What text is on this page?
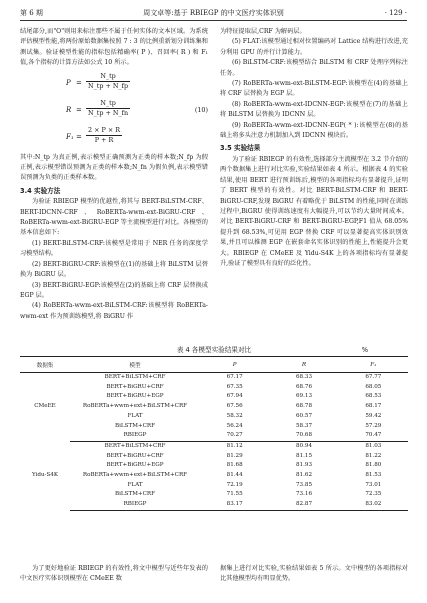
第 6 期	周文卓等:基于 RBIEGP 的中文医疗实体识别	· 129 ·

结尾部分,而"O"则用来标注那些不属于任何实体的文本区域。为系统评估模型性能,将两份原始数据集按照 7 : 3 的比例重新划分训练集和测试集。验证模型性能的指标包括精确率( P )、召回率( R ) 和 F₁ 值,各个指标的计算方法如公式 10 所示。

$P = \frac{N\_tp}{N\_tp + N\_fp}$
$R = \frac{N\_tp}{N\_tp + N\_fn}$	(10)
$F_1 = \frac{2 \times P \times R}{P + R}$

其中:N_tp 为真正例,表示模型正确预测为正类的样本数;N_fp 为假正例,表示模型错误预测为正类的样本数;N_fn 为假负例,表示模型错误预测为负类的正类样本数。

3.4 实验方法

为验证 RBIEGP 模型的优越性,将其与 BERT-BiLSTM-CRF、BERT-IDCNN-CRF、RoBERTa-wwm-ext-BiGRU-CRF、RoBERTa-wwm-ext-BiGRU-EGP 等主流模型进行对比。各模型的基本信息如下:

(1) BERT-BiLSTM-CRF:该模型是常用于 NER 任务的深度学习模型结构。

(2) BERT-BiGRU-CRF:该模型在(1)的基础上将 BiLSTM 层替换为 BiGRU 层。

(3) BERT-BiGRU-EGP:该模型在(2)的基础上将 CRF 层替换成 EGP 层。

(4) RoBERTa-wwm-ext-BiLSTM-CRF:该模型将 RoBERTa-wwm-ext 作为预训练模型,将 BiGRU 作

为特征提取层,CRF 为解码层。

(5) FLAT:该模型通过相对位置编码对 Lattice 结构进行改进,充分利用 GPU 的并行计算能力。

(6) BiLSTM-CRF:该模型结合 BiLSTM 和 CRF 处理序列标注任务。

(7) RoBERTa-wwm-ext-BiLSTM-EGP:该模型在(4)的基础上将 CRF 层替换为 EGP 层。

(8) RoBERTa-wwm-ext-IDCNN-EGP:该模型在(7)的基础上将 BiLSTM 层替换为 IDCNN 层。

(9) RoBERTa-wwm-ext-IDCNN-EGP( * ):该模型在(8)的基础上将多头注意力机制加入到 IDCNN 模块后。

3.5 实验结果

为了验证 RBIEGP 的有效性,选择部分主流模型在 3.2 节介绍的两个数据集上进行对比实验,实验结果如表 4 所示。根据表 4 的实验结果,使用 BERT 进行预训练后,模型的各项指标均有显著提升,证明了 BERT 模型的有效性。对比 BERT-BiLSTM-CRF 和 BERT-BiGRU-CRF,发现 BiGRU 有着略优于 BiLSTM 的性能,同时在训练过程中,BiGRU 使得训练速度有大幅提升,可以节约大量时间成本。对比 BERT-BiGRU-CRF 和 BERT-BiGRU-EGP,F1 值从 68.05% 提升到 68.53%,可见用 EGP 替换 CRF 可以显著提高实体识别效果,并且可以推测 EGP 在嵌套命名实体识别的性能上,性能提升会更大。RBIEGP 在 CMeEE 及 Yidu-S4K 上的各项指标均有显著提升,验证了模型具有良好的泛化性。

表 4 各模型实验结果对比	%
数据集	模型	P	R	F₁
CMeEE	BERT+BiLSTM+CRF	67.17	68.33	67.77
	BERT+BiGRU+CRF	67.35	68.76	68.05
	BERT+BiGRU+EGP	67.94	69.13	68.53
	RoBERTa+wwm+ext+BiLSTM+CRF	67.56	68.78	68.17
	FLAT	58.32	60.57	59.42
	BiLSTM+CRF	56.24	58.37	57.29
	RBIEGP	70.27	70.68	70.47
Yidu-S4K	BERT+BiLSTM+CRF	81.12	80.94	81.03
	BERT+BiGRU+CRF	81.29	81.15	81.22
	BERT+BiGRU+EGP	81.68	81.93	81.80
	RoBERTa+wwm+ext+BiLSTM+CRF	81.44	81.62	81.53
	FLAT	72.19	73.85	73.01
	BiLSTM+CRF	71.55	73.16	72.35
	RBIEGP	83.17	82.87	83.02

为了更好地验证 RBIEGP 的有效性,将文中模型与近些年发表的中文医疗实体识别模型在 CMeEE 数

据集上进行对比实验,实验结果如表 5 所示。文中模型的各项指标对比其他模型均有明显优势。
